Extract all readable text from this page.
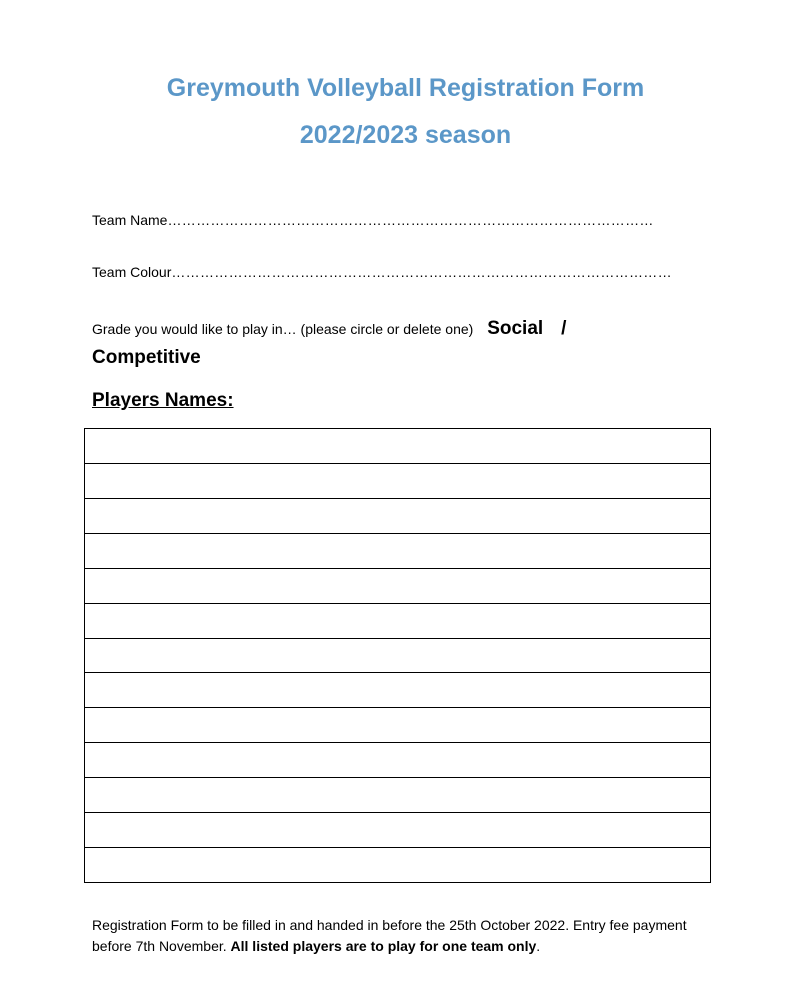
Greymouth Volleyball Registration Form
2022/2023 season
Team Name…………………………………………………………………………………………
Team Colour……………………………………………………………………………………………
Grade you would like to play in… (please circle or delete one) Social /
Competitive
Players Names:

Registration Form to be filled in and handed in before the 25th October 2022. Entry fee payment before 7th November. All listed players are to play for one team only.
